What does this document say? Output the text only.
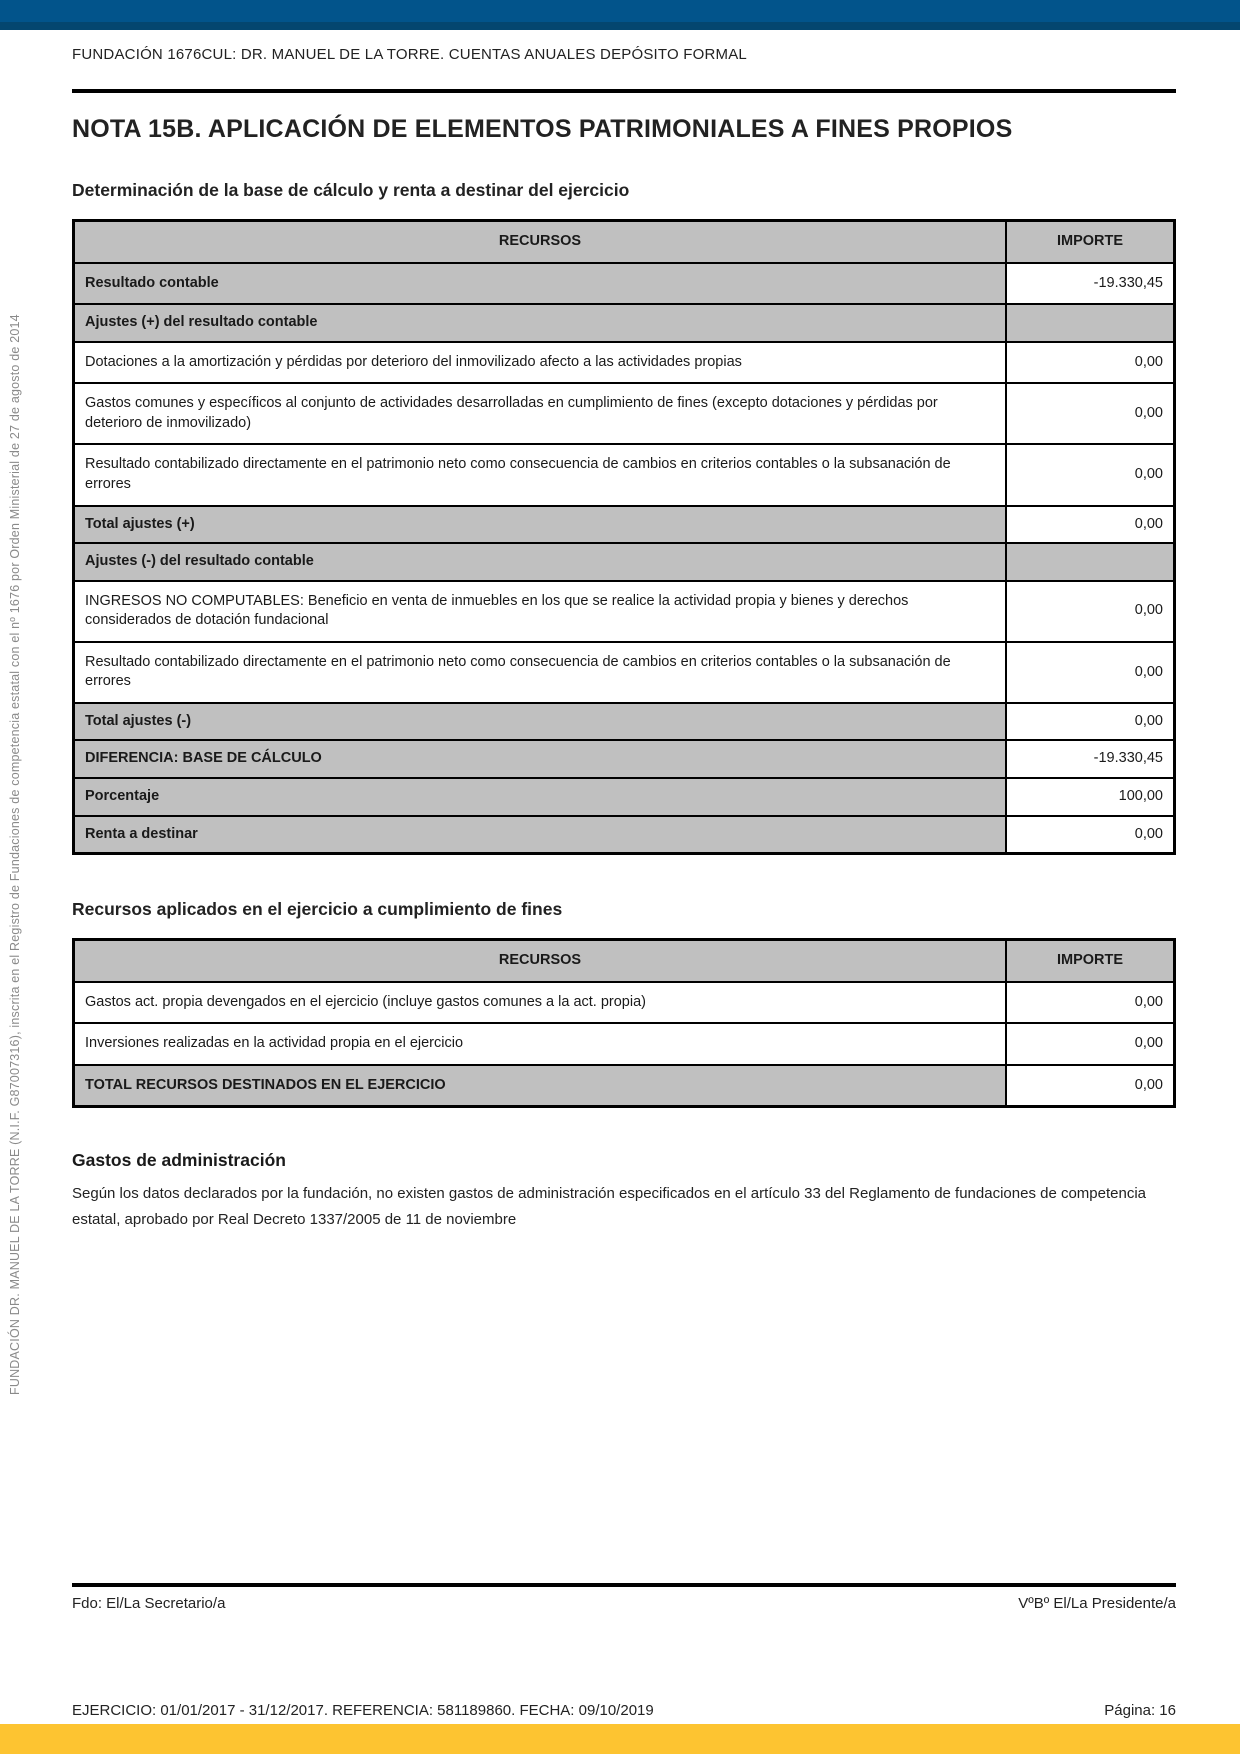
FUNDACIÓN DR. MANUEL DE LA TORRE (N.I.F. G87007316), inscrita en el Registro de Fundaciones de competencia estatal con el nº 1676 por Orden Ministerial de 27 de agosto de 2014
FUNDACIÓN 1676CUL: DR. MANUEL DE LA TORRE. CUENTAS ANUALES DEPÓSITO FORMAL
NOTA 15B. APLICACIÓN DE ELEMENTOS PATRIMONIALES A FINES PROPIOS
Determinación de la base de cálculo y renta a destinar del ejercicio
RECURSOS	IMPORTE
Resultado contable	-19.330,45
Ajustes (+) del resultado contable	
Dotaciones a la amortización y pérdidas por deterioro del inmovilizado afecto a las actividades propias	0,00
Gastos comunes y específicos al conjunto de actividades desarrolladas en cumplimiento de fines (excepto dotaciones y pérdidas por deterioro de inmovilizado)	0,00
Resultado contabilizado directamente en el patrimonio neto como consecuencia de cambios en criterios contables o la subsanación de errores	0,00
Total ajustes (+)	0,00
Ajustes (-) del resultado contable	
INGRESOS NO COMPUTABLES: Beneficio en venta de inmuebles en los que se realice la actividad propia y bienes y derechos considerados de dotación fundacional	0,00
Resultado contabilizado directamente en el patrimonio neto como consecuencia de cambios en criterios contables o la subsanación de errores	0,00
Total ajustes (-)	0,00
DIFERENCIA: BASE DE CÁLCULO	-19.330,45
Porcentaje	100,00
Renta a destinar	0,00
Recursos aplicados en el ejercicio a cumplimiento de fines
RECURSOS	IMPORTE
Gastos act. propia devengados en el ejercicio (incluye gastos comunes a la act. propia)	0,00
Inversiones realizadas en la actividad propia en el ejercicio	0,00
TOTAL RECURSOS DESTINADOS EN EL EJERCICIO	0,00
Gastos de administración
Según los datos declarados por la fundación, no existen gastos de administración especificados en el artículo 33 del Reglamento de fundaciones de competencia estatal, aprobado por Real Decreto 1337/2005 de 11 de noviembre
Fdo: El/La Secretario/a	VºBº El/La Presidente/a
EJERCICIO: 01/01/2017 - 31/12/2017. REFERENCIA: 581189860. FECHA: 09/10/2019	Página: 16
